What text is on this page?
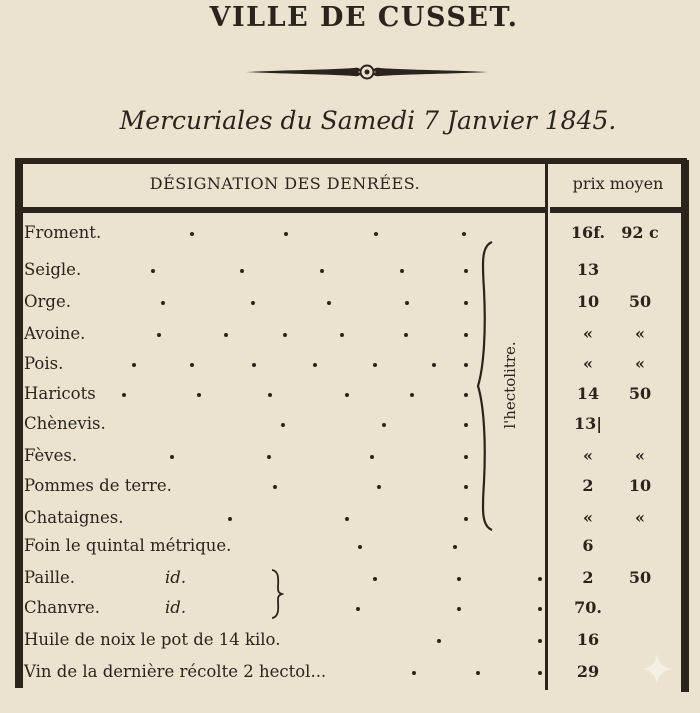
VILLE DE CUSSET.
Mercuriales du Samedi 7 Janvier 1845.
DÉSIGNATION DES DENRÉES.	prix moyen
Froment.	16f.	92 c
Seigle.	13
Orge.	10	50
Avoine.	«	«
Pois.	«	«
Haricots	14	50
Chènevis.	13|
Fèves.	«	«
Pommes de terre.	2	10
Chataignes.	«	«
Foin le quintal métrique.	6
Paille.	id.	2	50
Chanvre.	id.	70.
Huile de noix le pot de 14 kilo.	16
Vin de la dernière récolte 2 hectol...	29
l'hectolitre.
